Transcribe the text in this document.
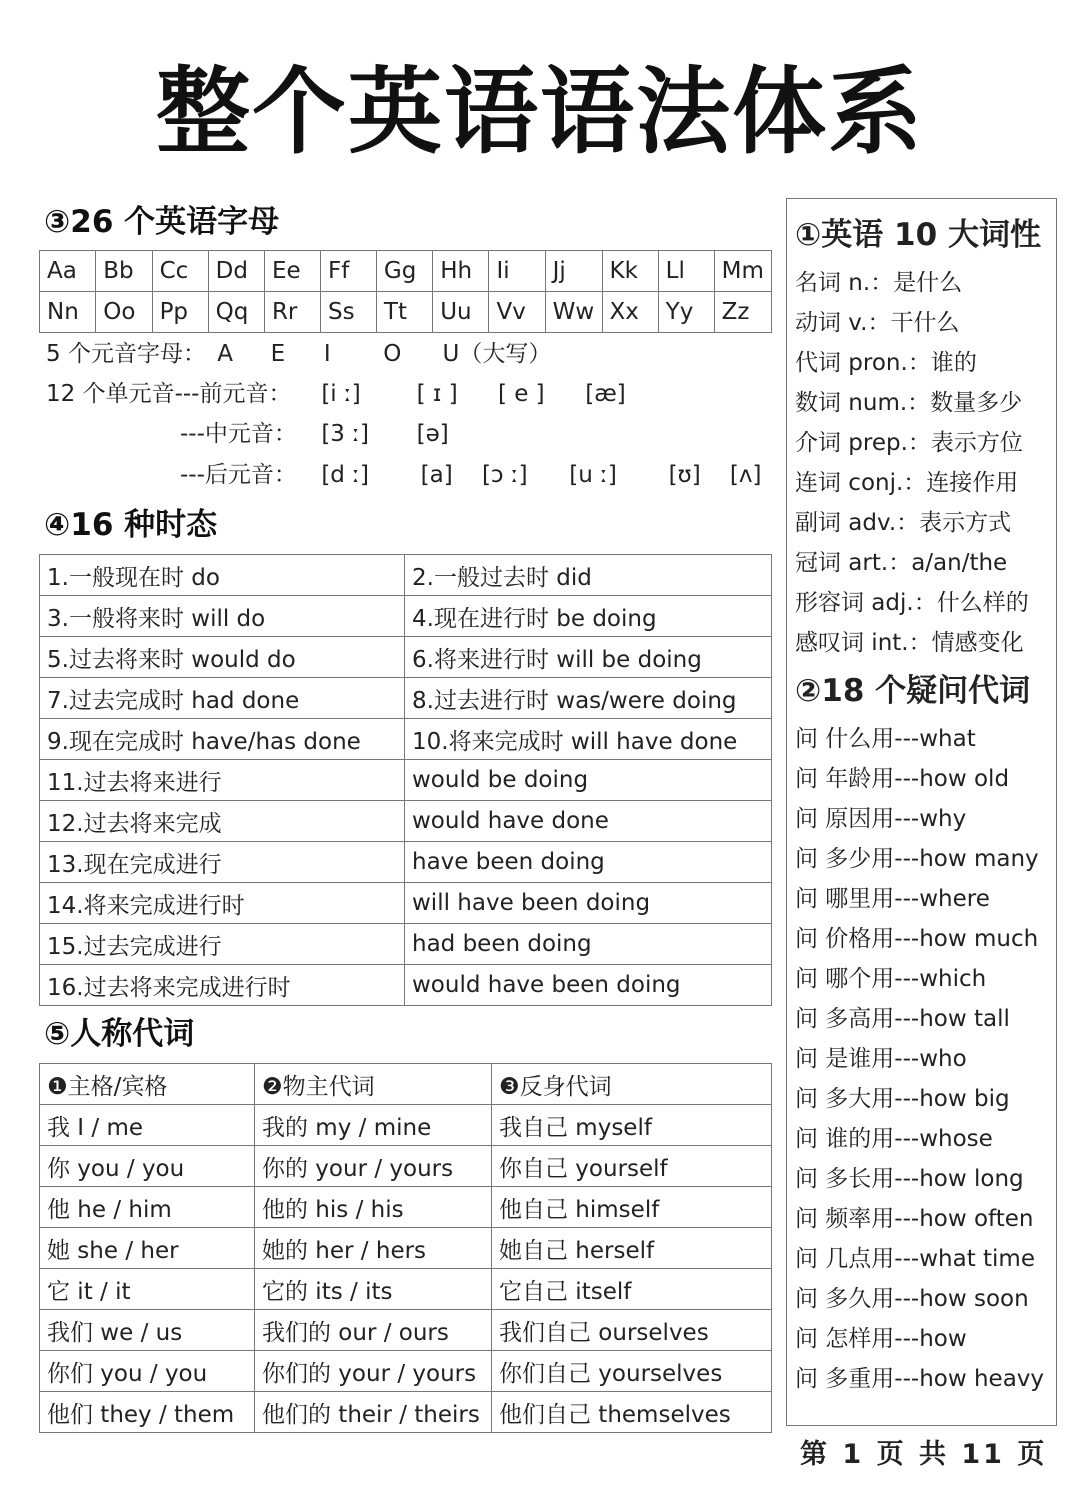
整个英语语法体系
③26 个英语字母
Aa	Bb	Cc	Dd	Ee	Ff	Gg	Hh	Ii	Jj	Kk	Ll	Mm
Nn	Oo	Pp	Qq	Rr	Ss	Tt	Uu	Vv	Ww	Xx	Yy	Zz
5 个元音字母： A E I O U（大写）
12 个单元音---前元音： [i ː] [ ɪ ] [ e ] [æ]
---中元音： [3 ː] [ə]
---后元音： [d ː] [a] [ɔ ː] [u ː] [ʊ] [ʌ]
④16 种时态
1.一般现在时 do	2.一般过去时 did
3.一般将来时 will do	4.现在进行时 be doing
5.过去将来时 would do	6.将来进行时 will be doing
7.过去完成时 had done	8.过去进行时 was/were doing
9.现在完成时 have/has done	10.将来完成时 will have done
11.过去将来进行	would be doing
12.过去将来完成	would have done
13.现在完成进行	have been doing
14.将来完成进行时	will have been doing
15.过去完成进行	had been doing
16.过去将来完成进行时	would have been doing
⑤人称代词
❶主格/宾格	❷物主代词	❸反身代词
我 I / me	我的 my / mine	我自己 myself
你 you / you	你的 your / yours	你自己 yourself
他 he / him	他的 his / his	他自己 himself
她 she / her	她的 her / hers	她自己 herself
它 it / it	它的 its / its	它自己 itself
我们 we / us	我们的 our / ours	我们自己 ourselves
你们 you / you	你们的 your / yours	你们自己 yourselves
他们 they / them	他们的 their / theirs	他们自己 themselves
①英语 10 大词性
名词 n.：是什么
动词 v.：干什么
代词 pron.：谁的
数词 num.：数量多少
介词 prep.：表示方位
连词 conj.：连接作用
副词 adv.：表示方式
冠词 art.：a/an/the
形容词 adj.：什么样的
感叹词 int.：情感变化
②18 个疑问代词
问 什么用---what
问 年龄用---how old
问 原因用---why
问 多少用---how many
问 哪里用---where
问 价格用---how much
问 哪个用---which
问 多高用---how tall
问 是谁用---who
问 多大用---how big
问 谁的用---whose
问 多长用---how long
问 频率用---how often
问 几点用---what time
问 多久用---how soon
问 怎样用---how
问 多重用---how heavy
第 1 页 共 11 页
